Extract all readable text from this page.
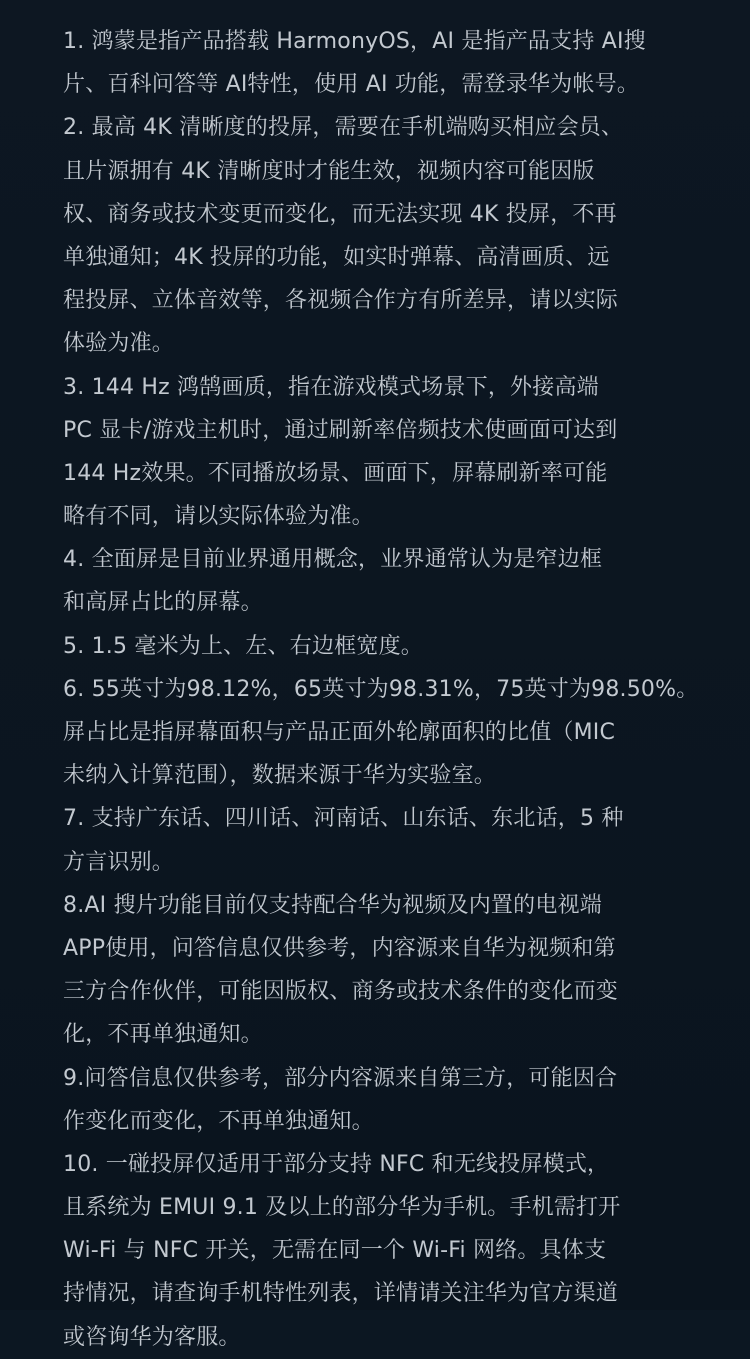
1. 鸿蒙是指产品搭载 HarmonyOS，AI 是指产品支持 AI搜
片、百科问答等 AI特性，使用 AI 功能，需登录华为帐号。
2. 最高 4K 清晰度的投屏，需要在手机端购买相应会员、
且片源拥有 4K 清晰度时才能生效，视频内容可能因版
权、商务或技术变更而变化，而无法实现 4K 投屏，不再
单独通知；4K 投屏的功能，如实时弹幕、高清画质、远
程投屏、立体音效等，各视频合作方有所差异，请以实际
体验为准。
3. 144 Hz 鸿鹄画质，指在游戏模式场景下，外接高端
PC 显卡/游戏主机时，通过刷新率倍频技术使画面可达到
144 Hz效果。不同播放场景、画面下，屏幕刷新率可能
略有不同，请以实际体验为准。
4. 全面屏是目前业界通用概念，业界通常认为是窄边框
和高屏占比的屏幕。
5. 1.5 毫米为上、左、右边框宽度。
6. 55英寸为98.12%，65英寸为98.31%，75英寸为98.50%。
屏占比是指屏幕面积与产品正面外轮廓面积的比值（MIC
未纳入计算范围），数据来源于华为实验室。
7. 支持广东话、四川话、河南话、山东话、东北话，5 种
方言识别。
8.AI 搜片功能目前仅支持配合华为视频及内置的电视端
APP使用，问答信息仅供参考，内容源来自华为视频和第
三方合作伙伴，可能因版权、商务或技术条件的变化而变
化，不再单独通知。
9.问答信息仅供参考，部分内容源来自第三方，可能因合
作变化而变化，不再单独通知。
10. 一碰投屏仅适用于部分支持 NFC 和无线投屏模式，
且系统为 EMUI 9.1 及以上的部分华为手机。手机需打开
Wi-Fi 与 NFC 开关，无需在同一个 Wi-Fi 网络。具体支
持情况，请查询手机特性列表，详情请关注华为官方渠道
或咨询华为客服。
